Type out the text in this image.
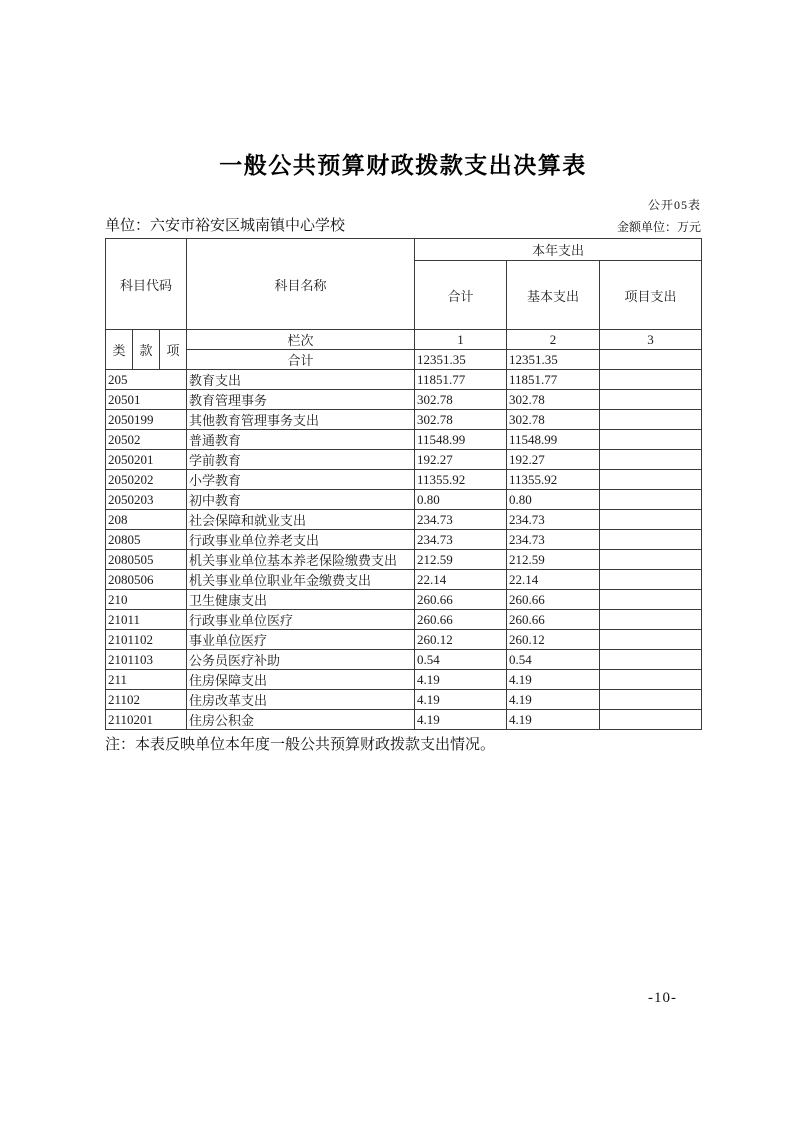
一般公共预算财政拨款支出决算表
公开05表
单位：六安市裕安区城南镇中心学校	金额单位：万元
科目代码			科目名称	本年支出		
				合计	基本支出	项目支出
类	款	项	栏次	1	2	3
			合计	12351.35	12351.35	
205			教育支出	11851.77	11851.77	
20501			教育管理事务	302.78	302.78	
2050199			其他教育管理事务支出	302.78	302.78	
20502			普通教育	11548.99	11548.99	
2050201			学前教育	192.27	192.27	
2050202			小学教育	11355.92	11355.92	
2050203			初中教育	0.80	0.80	
208			社会保障和就业支出	234.73	234.73	
20805			行政事业单位养老支出	234.73	234.73	
2080505			机关事业单位基本养老保险缴费支出	212.59	212.59	
2080506			机关事业单位职业年金缴费支出	22.14	22.14	
210			卫生健康支出	260.66	260.66	
21011			行政事业单位医疗	260.66	260.66	
2101102			事业单位医疗	260.12	260.12	
2101103			公务员医疗补助	0.54	0.54	
211			住房保障支出	4.19	4.19	
21102			住房改革支出	4.19	4.19	
2110201			住房公积金	4.19	4.19	
注：本表反映单位本年度一般公共预算财政拨款支出情况。
-10-
